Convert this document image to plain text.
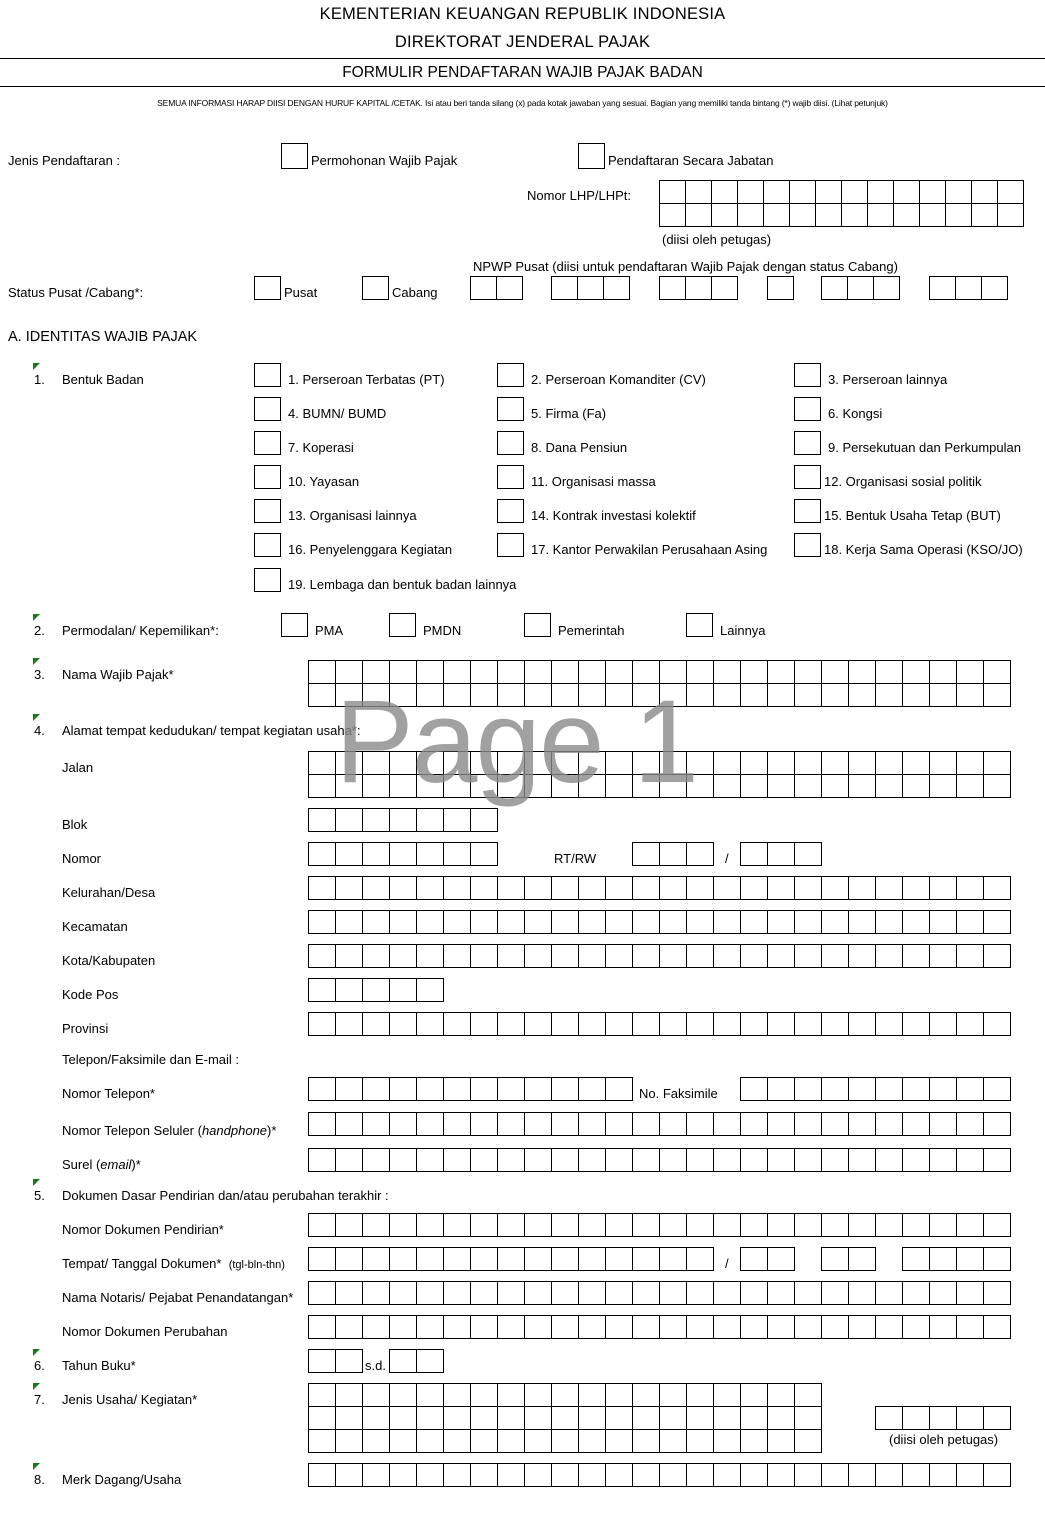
KEMENTERIAN KEUANGAN REPUBLIK INDONESIA
DIREKTORAT JENDERAL PAJAK
FORMULIR PENDAFTARAN WAJIB PAJAK BADAN
SEMUA INFORMASI HARAP DIISI DENGAN HURUF KAPITAL /CETAK. Isi atau beri tanda silang (x) pada kotak jawaban yang sesuai. Bagian yang memiliki tanda bintang (*) wajib diisi. (Lihat petunjuk)
Jenis Pendaftaran :	Permohonan Wajib Pajak	Pendaftaran Secara Jabatan
Nomor LHP/LHPt:
(diisi oleh petugas)
NPWP Pusat (diisi untuk pendaftaran Wajib Pajak dengan status Cabang)
Status Pusat /Cabang*:	Pusat	Cabang
A. IDENTITAS WAJIB PAJAK
1. Bentuk Badan	1. Perseroan Terbatas (PT)	2. Perseroan Komanditer (CV)	3. Perseroan lainnya
4. BUMN/ BUMD	5. Firma (Fa)	6. Kongsi
7. Koperasi	8. Dana Pensiun	9. Persekutuan dan Perkumpulan
10. Yayasan	11. Organisasi massa	12. Organisasi sosial politik
13. Organisasi lainnya	14. Kontrak investasi kolektif	15. Bentuk Usaha Tetap (BUT)
16. Penyelenggara Kegiatan	17. Kantor Perwakilan Perusahaan Asing	18. Kerja Sama Operasi (KSO/JO)
19. Lembaga dan bentuk badan lainnya
2. Permodalan/ Kepemilikan*:	PMA	PMDN	Pemerintah	Lainnya
3. Nama Wajib Pajak*
4. Alamat tempat kedudukan/ tempat kegiatan usaha*:
Jalan
Blok
Nomor	RT/RW	/
Kelurahan/Desa
Kecamatan
Kota/Kabupaten
Kode Pos
Provinsi
Telepon/Faksimile dan E-mail :
Nomor Telepon*	No. Faksimile
Nomor Telepon Seluler (handphone)*
Surel (email)*
5. Dokumen Dasar Pendirian dan/atau perubahan terakhir :
Nomor Dokumen Pendirian*
Tempat/ Tanggal Dokumen* (tgl-bln-thn)	/
Nama Notaris/ Pejabat Penandatangan*
Nomor Dokumen Perubahan
6. Tahun Buku*	s.d.
7. Jenis Usaha/ Kegiatan*
(diisi oleh petugas)
8. Merk Dagang/Usaha
Page 1
